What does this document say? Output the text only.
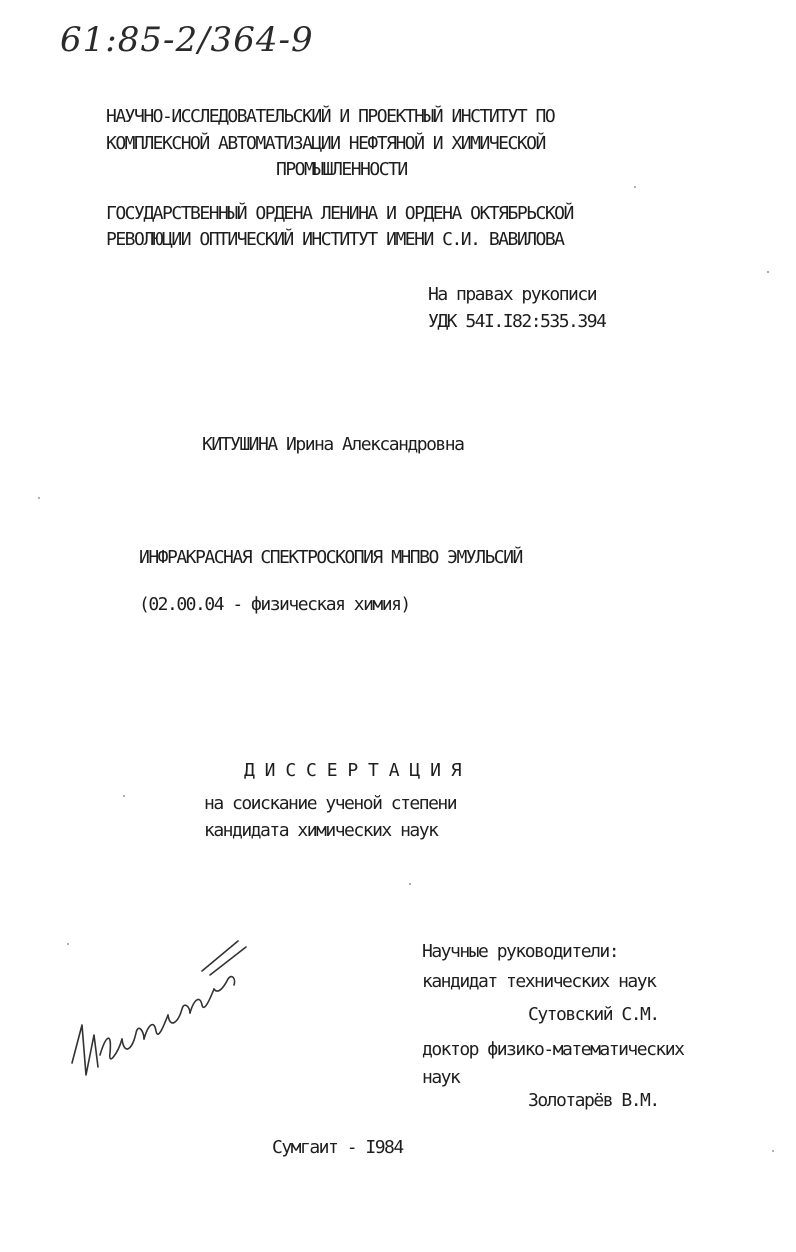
61:85-2/364-9
НАУЧНО-ИССЛЕДОВАТЕЛЬСКИЙ И ПРОЕКТНЫЙ ИНСТИТУТ ПО
КОМПЛЕКСНОЙ АВТОМАТИЗАЦИИ НЕФТЯНОЙ И ХИМИЧЕСКОЙ
ПРОМЫШЛЕННОСТИ
ГОСУДАРСТВЕННЫЙ ОРДЕНА ЛЕНИНА И ОРДЕНА ОКТЯБРЬСКОЙ
РЕВОЛЮЦИИ ОПТИЧЕСКИЙ ИНСТИТУТ ИМЕНИ С.И. ВАВИЛОВА
На правах рукописи
УДК 54I.I82:535.394
КИТУШИНА Ирина Александровна
ИНФРАКРАСНАЯ СПЕКТРОСКОПИЯ МНПВО ЭМУЛЬСИЙ
(02.00.04 - физическая химия)
Д И С С Е Р Т А Ц И Я
на соискание ученой степени
кандидата химических наук
Научные руководители:
кандидат технических наук
Сутовский С.М.
доктор физико-математических
наук
Золотарёв В.М.
Сумгаит - I984
